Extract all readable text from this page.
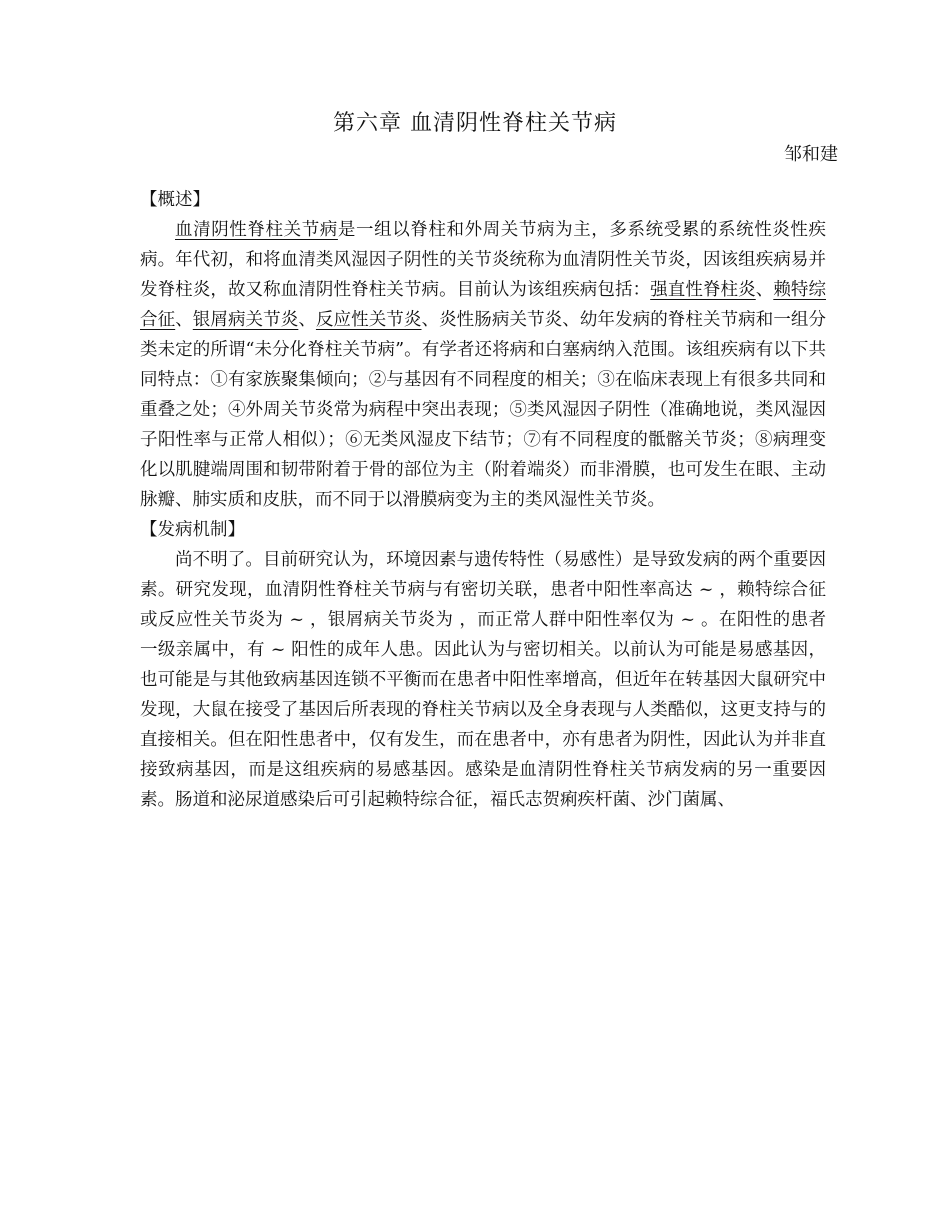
第六章 血清阴性脊柱关节病
邹和建

【概述】

血清阴性脊柱关节病是一组以脊柱和外周关节病为主，多系统受累的系统性炎性疾病。年代初，和将血清类风湿因子阴性的关节炎统称为血清阴性关节炎，因该组疾病易并发脊柱炎，故又称血清阴性脊柱关节病。目前认为该组疾病包括：强直性脊柱炎、赖特综合征、银屑病关节炎、反应性关节炎、炎性肠病关节炎、幼年发病的脊柱关节病和一组分类未定的所谓“未分化脊柱关节病”。有学者还将病和白塞病纳入范围。该组疾病有以下共同特点：①有家族聚集倾向；②与基因有不同程度的相关；③在临床表现上有很多共同和重叠之处；④外周关节炎常为病程中突出表现；⑤类风湿因子阴性（准确地说，类风湿因子阳性率与正常人相似）；⑥无类风湿皮下结节；⑦有不同程度的骶髂关节炎；⑧病理变化以肌腱端周围和韧带附着于骨的部位为主（附着端炎）而非滑膜，也可发生在眼、主动脉瓣、肺实质和皮肤，而不同于以滑膜病变为主的类风湿性关节炎。

【发病机制】

尚不明了。目前研究认为，环境因素与遗传特性（易感性）是导致发病的两个重要因素。研究发现，血清阴性脊柱关节病与有密切关联，患者中阳性率高达 ~ ，赖特综合征或反应性关节炎为 ~ ，银屑病关节炎为 ，而正常人群中阳性率仅为 ~ 。在阳性的患者一级亲属中，有 ~ 阳性的成年人患。因此认为与密切相关。以前认为可能是易感基因，也可能是与其他致病基因连锁不平衡而在患者中阳性率增高，但近年在转基因大鼠研究中发现，大鼠在接受了基因后所表现的脊柱关节病以及全身表现与人类酷似，这更支持与的直接相关。但在阳性患者中，仅有发生，而在患者中，亦有患者为阴性，因此认为并非直接致病基因，而是这组疾病的易感基因。感染是血清阴性脊柱关节病发病的另一重要因素。肠道和泌尿道感染后可引起赖特综合征，福氏志贺痢疾杆菌、沙门菌属、
